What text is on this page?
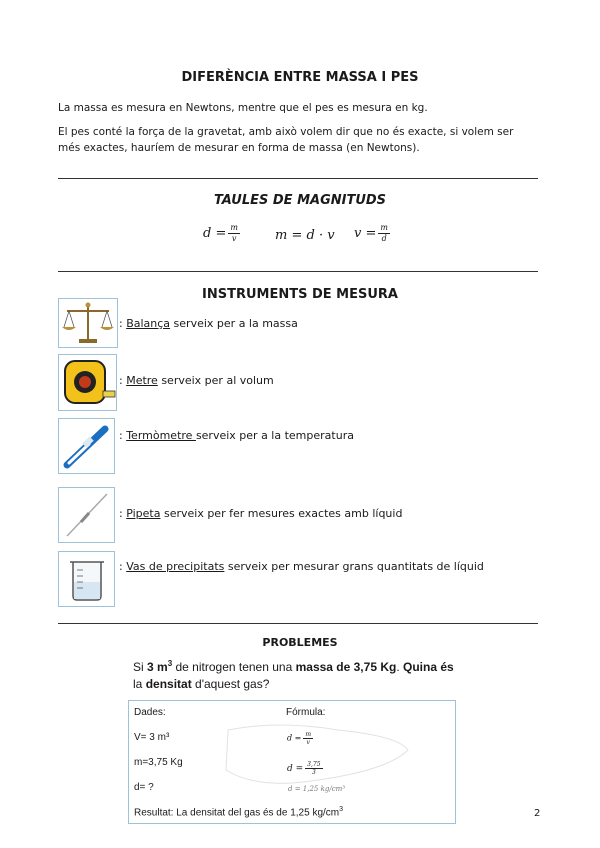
DIFERÈNCIA ENTRE MASSA I PES
La massa es mesura en Newtons, mentre que el pes es mesura en kg.
El pes conté la força de la gravetat, amb això volem dir que no és exacte, si volem ser més exactes, hauríem de mesurar en forma de massa (en Newtons).
TAULES DE MAGNITUDS
$d = \frac{m}{v}$	m = d · v $v = \frac{m}{d}$
INSTRUMENTS DE MESURA
: Balança serveix per a la massa
: Metre serveix per al volum
: Termòmetre serveix per a la temperatura
: Pipeta serveix per fer mesures exactes amb líquid
: Vas de precipitats serveix per mesurar grans quantitats de líquid
PROBLEMES
Si 3 $m^3$ de nitrogen tenen una massa de 3,75 Kg. Quina és
la densitat d'aquest gas?
Dades:	Fórmula:
V= 3 m³
m=3,75 Kg
d= ?
$d = \frac{m}{v}$
$d = \frac{3,75}{3}$
d = 1,25 kg/cm³
Resultat: La densitat del gas és de 1,25 $kg/cm^3$	2
